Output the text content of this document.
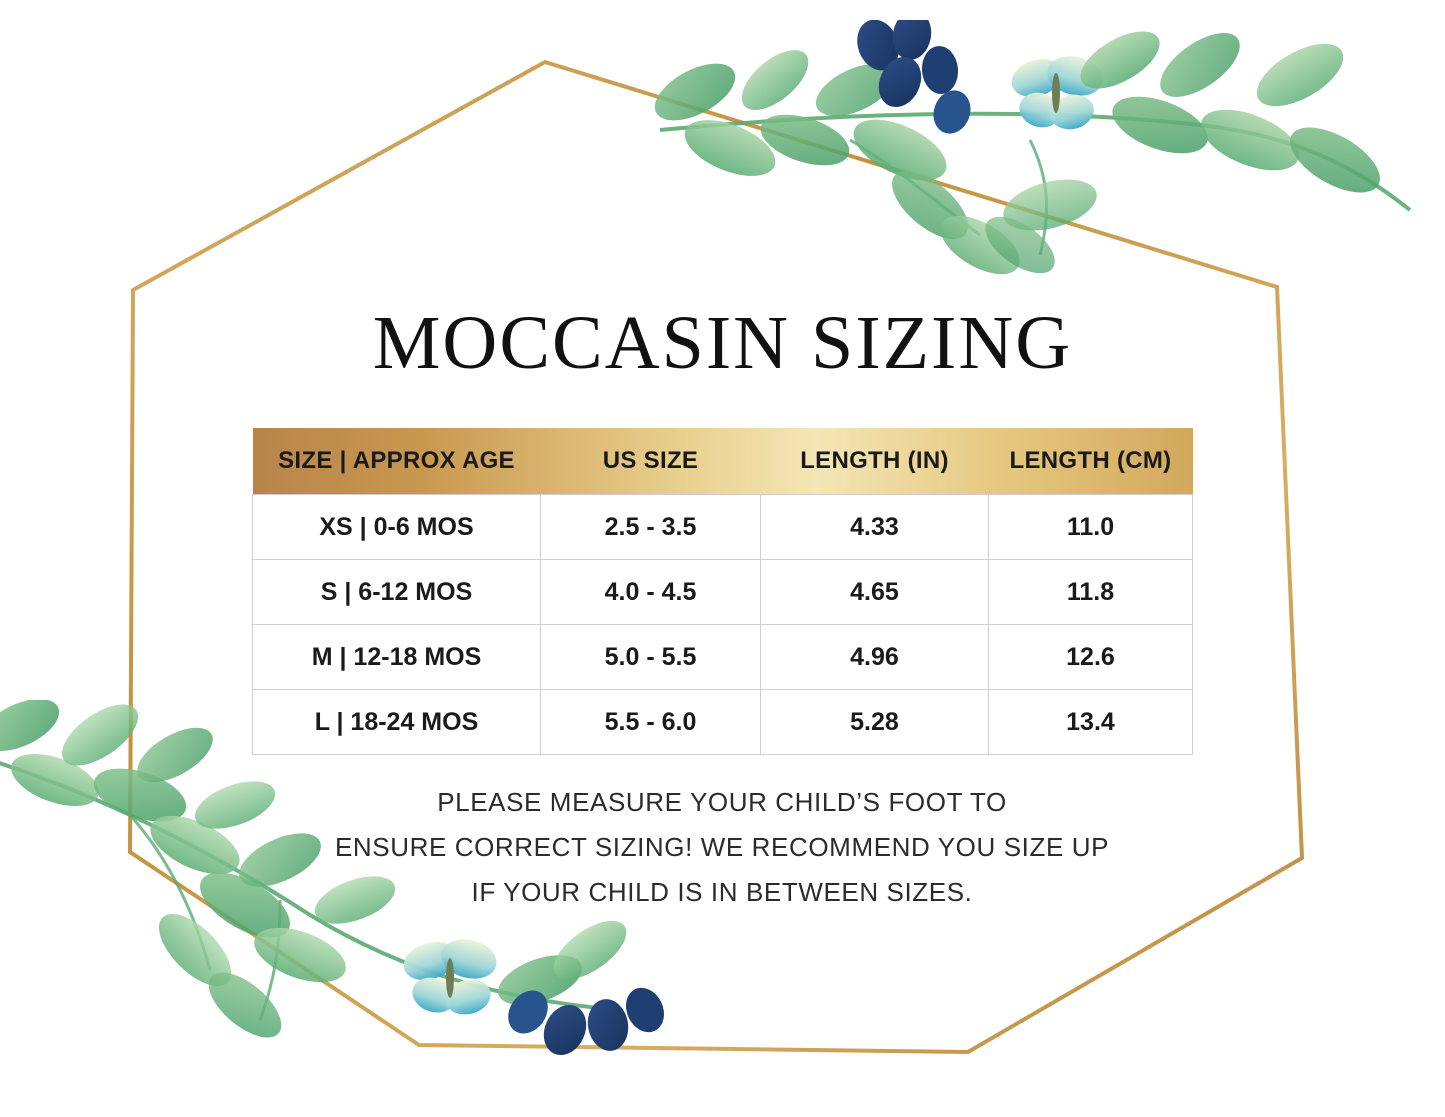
MOCCASIN SIZING
SIZE | APPROX AGE	US SIZE	LENGTH (IN)	LENGTH (CM)
XS | 0-6 MOS	2.5 - 3.5	4.33	11.0
S | 6-12 MOS	4.0 - 4.5	4.65	11.8
M | 12-18 MOS	5.0 - 5.5	4.96	12.6
L | 18-24 MOS	5.5 - 6.0	5.28	13.4
PLEASE MEASURE YOUR CHILD’S FOOT TO
ENSURE CORRECT SIZING! WE RECOMMEND YOU SIZE UP
IF YOUR CHILD IS IN BETWEEN SIZES.
